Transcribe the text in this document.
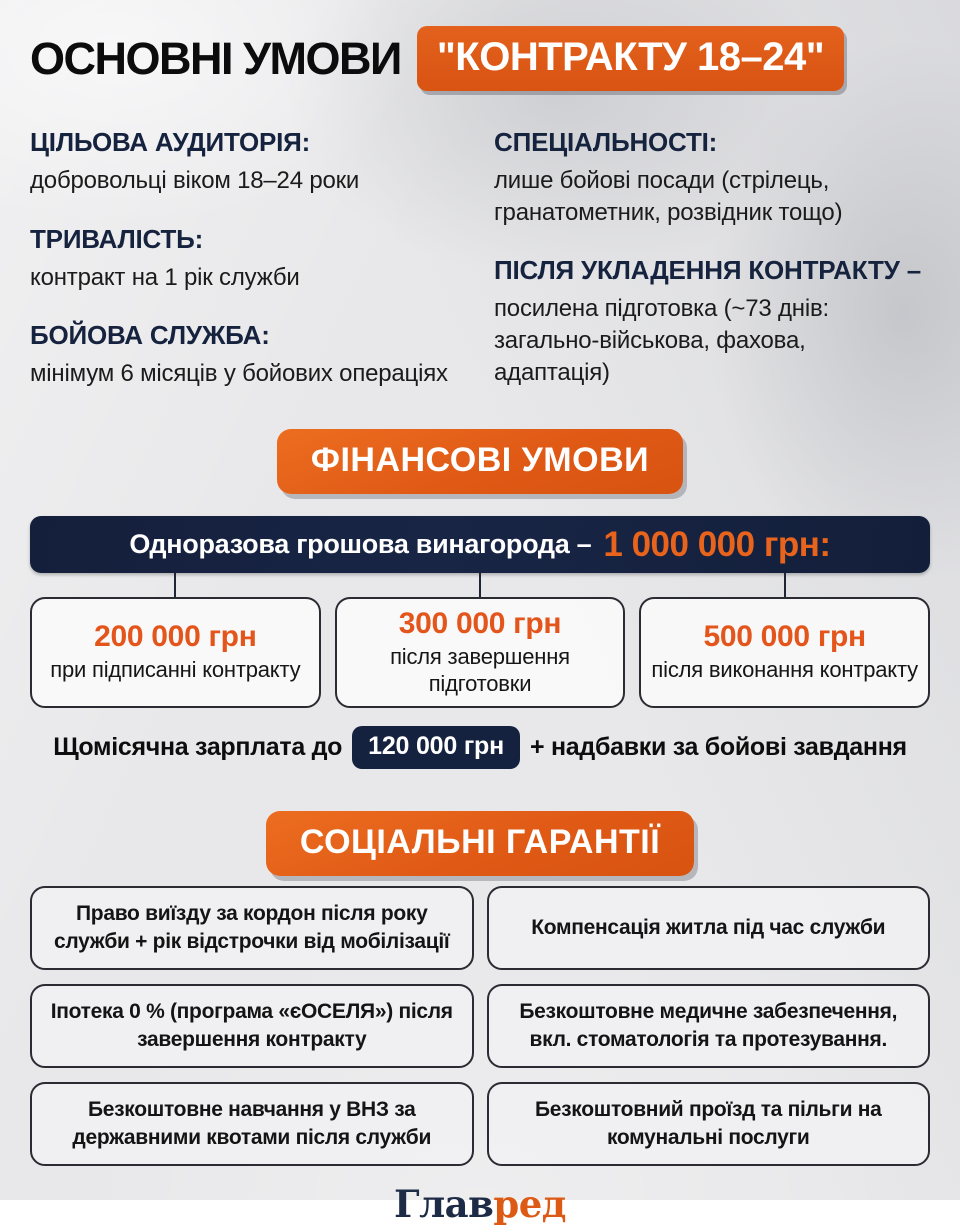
ОСНОВНІ УМОВИ "КОНТРАКТУ 18–24"
ЦІЛЬОВА АУДИТОРІЯ:
добровольці віком 18–24 роки
ТРИВАЛІСТЬ:
контракт на 1 рік служби
БОЙОВА СЛУЖБА:
мінімум 6 місяців у бойових операціях
СПЕЦІАЛЬНОСТІ:
лише бойові посади (стрілець, гранатометник, розвідник тощо)
ПІСЛЯ УКЛАДЕННЯ КОНТРАКТУ –
посилена підготовка (~73 днів: загально-військова, фахова, адаптація)
ФІНАНСОВІ УМОВИ
Одноразова грошова винагорода – 1 000 000 грн:
200 000 грн
при підписанні контракту
300 000 грн
після завершення підготовки
500 000 грн
після виконання контракту
Щомісячна зарплата до	120 000 грн	+ надбавки за бойові завдання
СОЦІАЛЬНІ ГАРАНТІЇ
Право виїзду за кордон після року служби + рік відстрочки від мобілізації
Компенсація житла під час служби
Іпотека 0 % (програма «єОСЕЛЯ») після завершення контракту
Безкоштовне медичне забезпечення, вкл. стоматологія та протезування.
Безкоштовне навчання у ВНЗ за державними квотами після служби
Безкоштовний проїзд та пільги на комунальні послуги
Главред
